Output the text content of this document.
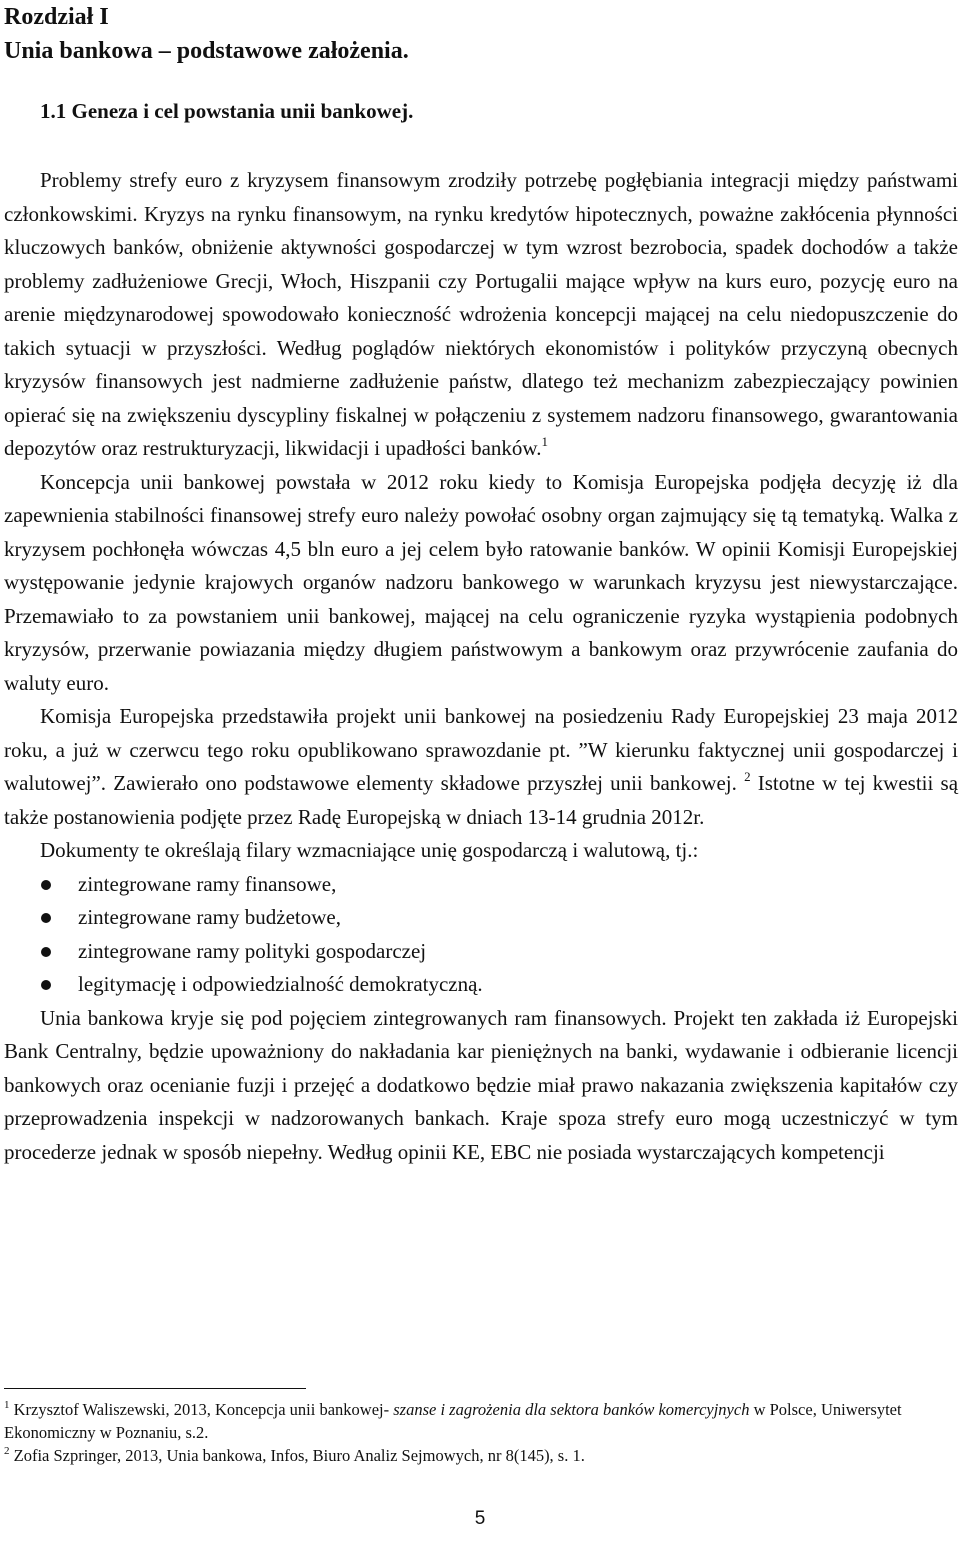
Rozdział I

Unia bankowa – podstawowe założenia.

1.1 Geneza i cel powstania unii bankowej.

Problemy strefy euro z kryzysem finansowym zrodziły potrzebę pogłębiania integracji między państwami członkowskimi. Kryzys na rynku finansowym, na rynku kredytów hipotecznych, poważne zakłócenia płynności kluczowych banków, obniżenie aktywności gospodarczej w tym wzrost bezrobocia, spadek dochodów a także problemy zadłużeniowe Grecji, Włoch, Hiszpanii czy Portugalii mające wpływ na kurs euro, pozycję euro na arenie międzynarodowej spowodowało konieczność wdrożenia koncepcji mającej na celu niedopuszczenie do takich sytuacji w przyszłości. Według poglądów niektórych ekonomistów i polityków przyczyną obecnych kryzysów finansowych jest nadmierne zadłużenie państw, dlatego też mechanizm zabezpieczający powinien opierać się na zwiększeniu dyscypliny fiskalnej w połączeniu z systemem nadzoru finansowego, gwarantowania depozytów oraz restrukturyzacji, likwidacji i upadłości banków.$^1$

Koncepcja unii bankowej powstała w 2012 roku kiedy to Komisja Europejska podjęła decyzję iż dla zapewnienia stabilności finansowej strefy euro należy powołać osobny organ zajmujący się tą tematyką. Walka z kryzysem pochłonęła wówczas 4,5 bln euro a jej celem było ratowanie banków. W opinii Komisji Europejskiej występowanie jedynie krajowych organów nadzoru bankowego w warunkach kryzysu jest niewystarczające. Przemawiało to za powstaniem unii bankowej, mającej na celu ograniczenie ryzyka wystąpienia podobnych kryzysów, przerwanie powiazania między długiem państwowym a bankowym oraz przywrócenie zaufania do waluty euro.

Komisja Europejska przedstawiła projekt unii bankowej na posiedzeniu Rady Europejskiej 23 maja 2012 roku, a już w czerwcu tego roku opublikowano sprawozdanie pt. ”W kierunku faktycznej unii gospodarczej i walutowej”. Zawierało ono podstawowe elementy składowe przyszłej unii bankowej. $^2$ Istotne w tej kwestii są także postanowienia podjęte przez Radę Europejską w dniach 13-14 grudnia 2012r.

Dokumenty te określają filary wzmacniające unię gospodarczą i walutową, tj.:

zintegrowane ramy finansowe,
zintegrowane ramy budżetowe,
zintegrowane ramy polityki gospodarczej
legitymację i odpowiedzialność demokratyczną.

Unia bankowa kryje się pod pojęciem zintegrowanych ram finansowych. Projekt ten zakłada iż Europejski Bank Centralny, będzie upoważniony do nakładania kar pieniężnych na banki, wydawanie i odbieranie licencji bankowych oraz ocenianie fuzji i przejęć a dodatkowo będzie miał prawo nakazania zwiększenia kapitałów czy przeprowadzenia inspekcji w nadzorowanych bankach. Kraje spoza strefy euro mogą uczestniczyć w tym procederze jednak w sposób niepełny. Według opinii KE, EBC nie posiada wystarczających kompetencji

$^1$ Krzysztof Waliszewski, 2013, Koncepcja unii bankowej- szanse i zagrożenia dla sektora banków komercyjnych w Polsce, Uniwersytet Ekonomiczny w Poznaniu, s.2.

$^2$ Zofia Szpringer, 2013, Unia bankowa, Infos, Biuro Analiz Sejmowych, nr 8(145), s. 1.

5
